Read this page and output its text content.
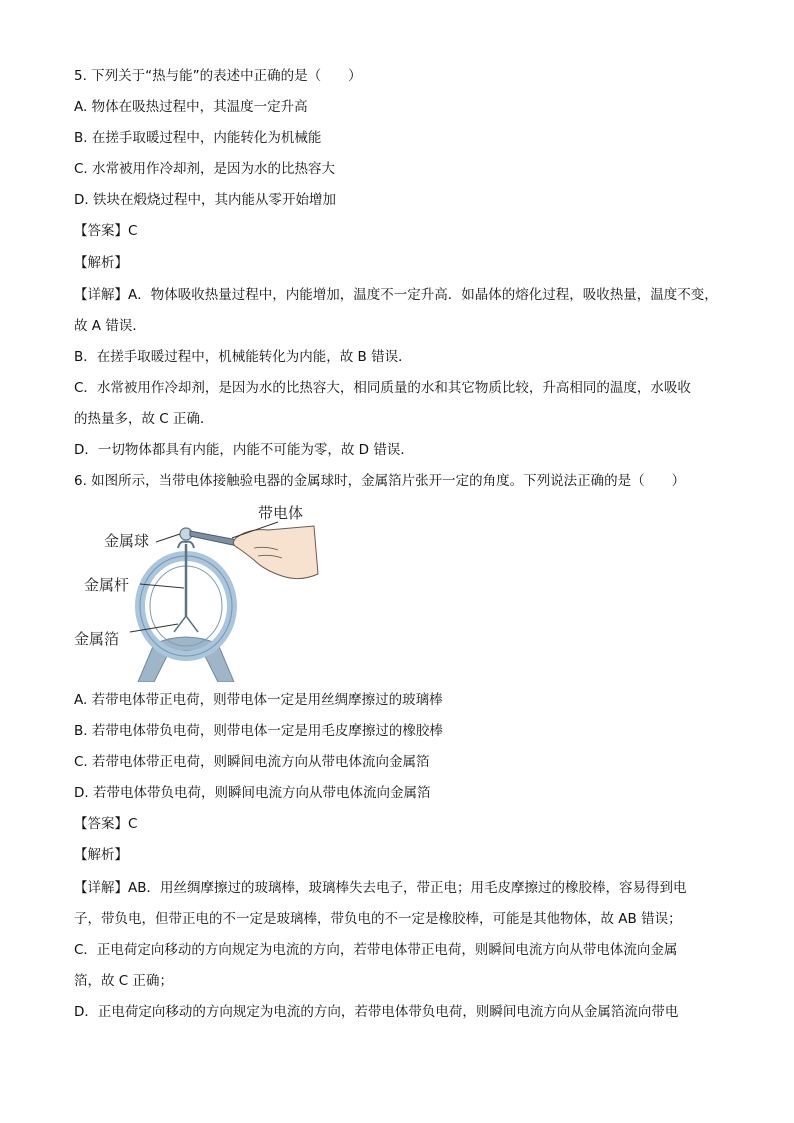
5. 下列关于“热与能”的表述中正确的是（　　）
A. 物体在吸热过程中，其温度一定升高
B. 在搓手取暖过程中，内能转化为机械能
C. 水常被用作冷却剂，是因为水的比热容大
D. 铁块在煅烧过程中，其内能从零开始增加
【答案】C
【解析】
【详解】A．物体吸收热量过程中，内能增加，温度不一定升高．如晶体的熔化过程，吸收热量，温度不变，
故 A 错误．
B．在搓手取暖过程中，机械能转化为内能，故 B 错误．
C．水常被用作冷却剂，是因为水的比热容大，相同质量的水和其它物质比较，升高相同的温度，水吸收
的热量多，故 C 正确．
D．一切物体都具有内能，内能不可能为零，故 D 错误．
6. 如图所示，当带电体接触验电器的金属球时，金属箔片张开一定的角度。下列说法正确的是（　　）
带电体
金属球
金属杆
金属箔
A. 若带电体带正电荷，则带电体一定是用丝绸摩擦过的玻璃棒
B. 若带电体带负电荷，则带电体一定是用毛皮摩擦过的橡胶棒
C. 若带电体带正电荷，则瞬间电流方向从带电体流向金属箔
D. 若带电体带负电荷，则瞬间电流方向从带电体流向金属箔
【答案】C
【解析】
【详解】AB．用丝绸摩擦过的玻璃棒，玻璃棒失去电子，带正电；用毛皮摩擦过的橡胶棒，容易得到电
子，带负电，但带正电的不一定是玻璃棒，带负电的不一定是橡胶棒，可能是其他物体，故 AB 错误；
C．正电荷定向移动的方向规定为电流的方向，若带电体带正电荷，则瞬间电流方向从带电体流向金属
箔，故 C 正确；
D．正电荷定向移动的方向规定为电流的方向，若带电体带负电荷，则瞬间电流方向从金属箔流向带电
